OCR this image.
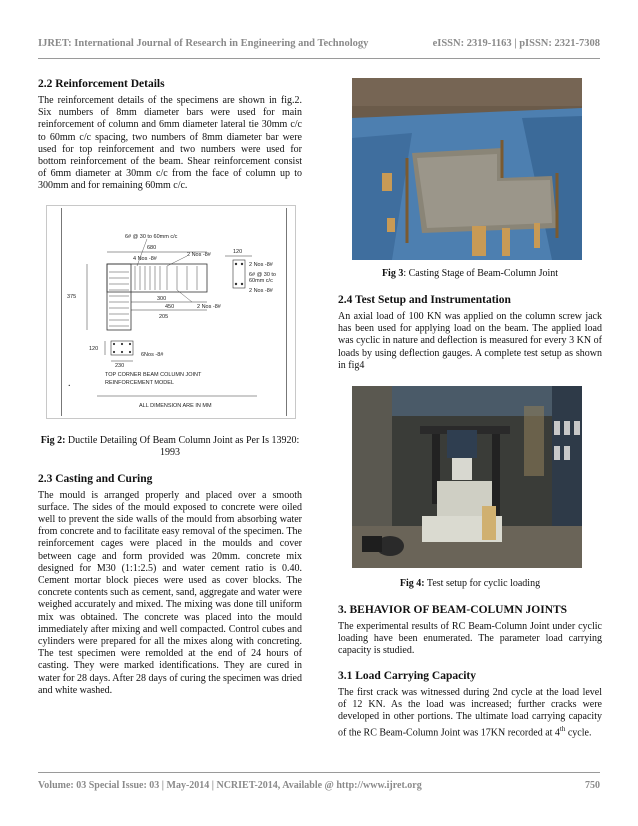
IJRET: International Journal of Research in Engineering and Technology	eISSN: 2319-1163 | pISSN: 2321-7308
2.2 Reinforcement Details

The reinforcement details of the specimens are shown in fig.2. Six numbers of 8mm diameter bars were used for main reinforcement of column and 6mm diameter lateral tie 30mm c/c to 60mm c/c spacing, two numbers of 8mm diameter bar were used for top reinforcement and two numbers were used for bottom reinforcement of the beam. Shear reinforcement consist of 6mm diameter at 30mm c/c from the face of column up to 300mm and for remaining 60mm c/c.

6# @ 30 to 60mm c/c
680
4 Nos -8#
2 Nos -8#	120
2 Nos -8#
6# @ 30 to
60mm c/c
2 Nos -8#
375	300
450	2 Nos -8#
205
120
6Nos -8#
230
TOP CORNER BEAM COLUMN JOINT
REINFORCEMENT MODEL
ALL DIMENSION ARE IN MM
.
Fig 2: Ductile Detailing Of Beam Column Joint as Per Is 13920: 1993
2.3 Casting and Curing

The mould is arranged properly and placed over a smooth surface. The sides of the mould exposed to concrete were oiled well to prevent the side walls of the mould from absorbing water from concrete and to facilitate easy removal of the specimen. The reinforcement cages were placed in the moulds and cover between cage and form provided was 20mm. concrete mix designed for M30 (1:1:2.5) and water cement ratio is 0.40. Cement mortar block pieces were used as cover blocks. The concrete contents such as cement, sand, aggregate and water were weighed accurately and mixed. The mixing was done till uniform mix was obtained. The concrete was placed into the mould immediately after mixing and well compacted. Control cubes and cylinders were prepared for all the mixes along with concreting. The test specimen were remolded at the end of 24 hours of casting. They were marked identifications. They are cured in water for 28 days. After 28 days of curing the specimen was dried and white washed.

Fig 3: Casting Stage of Beam-Column Joint
2.4 Test Setup and Instrumentation

An axial load of 100 KN was applied on the column screw jack has been used for applying load on the beam. The applied load was cyclic in nature and deflection is measured for every 3 KN of loads by using deflection gauges. A complete test setup as shown in fig4

Fig 4: Test setup for cyclic loading
3. BEHAVIOR OF BEAM-COLUMN JOINTS

The experimental results of RC Beam-Column Joint under cyclic loading have been enumerated. The parameter load carrying capacity is studied.

3.1 Load Carrying Capacity

The first crack was witnessed during 2nd cycle at the load level of 12 KN. As the load was increased; further cracks were developed in other portions. The ultimate load carrying capacity of the RC Beam-Column Joint was 17KN recorded at 4th cycle.

Volume: 03 Special Issue: 03 | May-2014 | NCRIET-2014, Available @ http://www.ijret.org	750
